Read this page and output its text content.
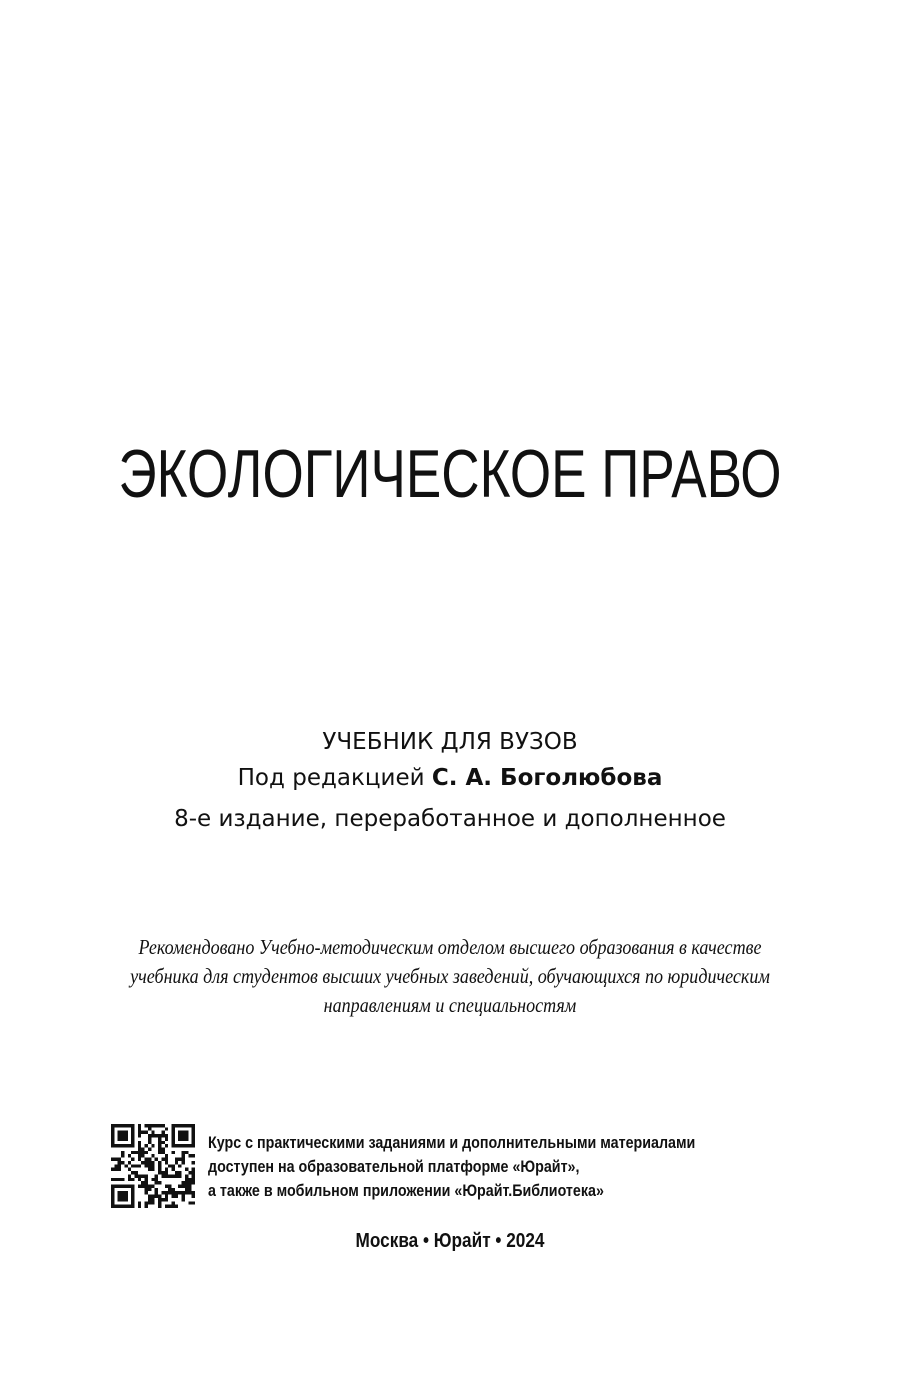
ЭКОЛОГИЧЕСКОЕ ПРАВО
УЧЕБНИК ДЛЯ ВУЗОВ
Под редакцией С. А. Боголюбова
8-е издание, переработанное и дополненное
Рекомендовано Учебно-методическим отделом высшего образования в качестве
учебника для студентов высших учебных заведений, обучающихся по юридическим
направлениям и специальностям
Курс с практическими заданиями и дополнительными материалами
доступен на образовательной платформе «Юрайт»,
а также в мобильном приложении «Юрайт.Библиотека»
Москва • Юрайт • 2024
